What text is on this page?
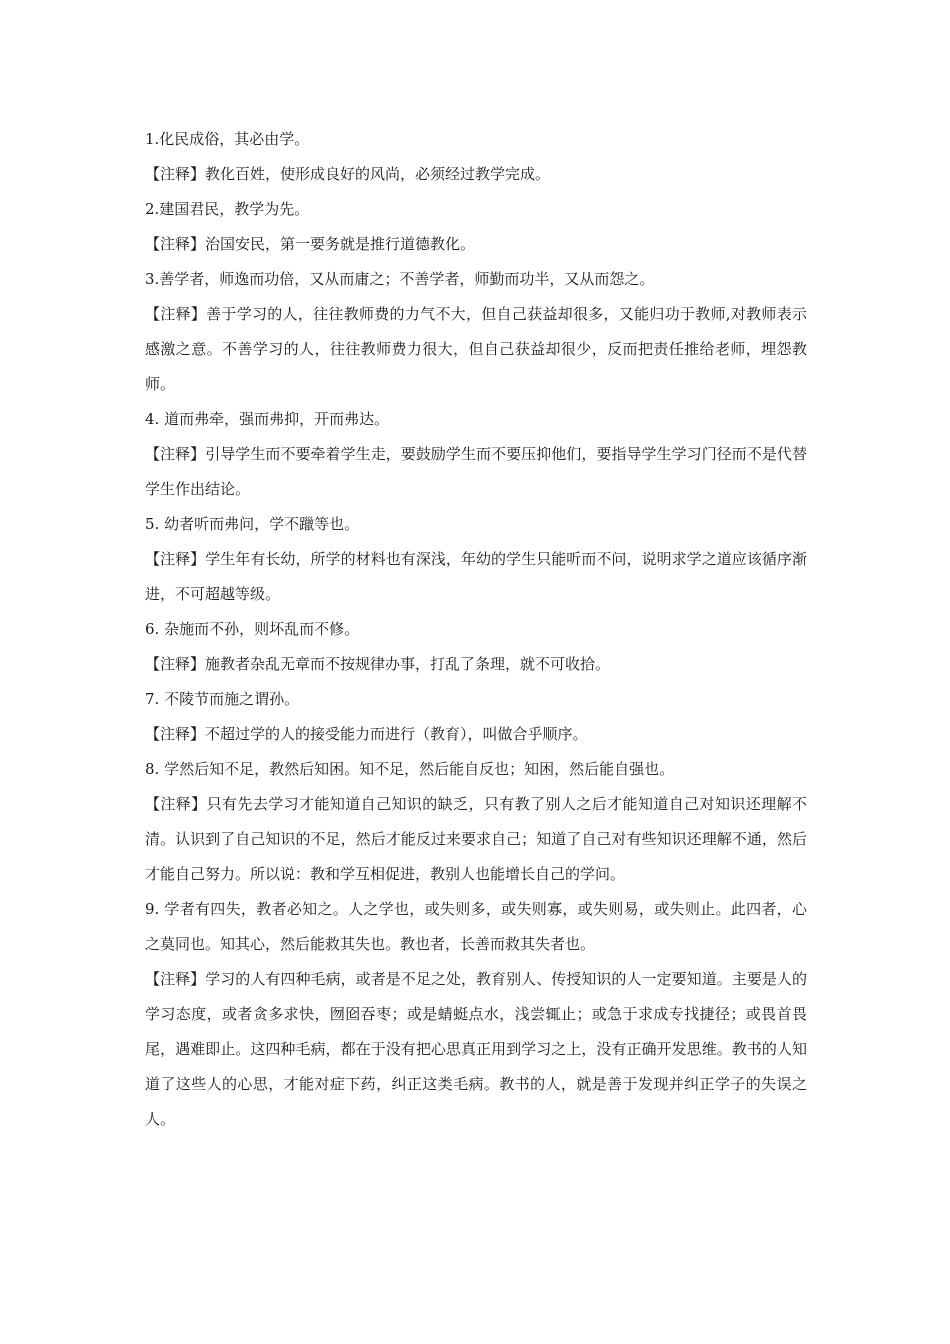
1.化民成俗，其必由学。

【注释】教化百姓，使形成良好的风尚，必须经过教学完成。

2.建国君民，教学为先。

【注释】治国安民，第一要务就是推行道德教化。

3.善学者，师逸而功倍，又从而庸之；不善学者，师勤而功半，又从而怨之。

【注释】善于学习的人，往往教师费的力气不大，但自己获益却很多，又能归功于教师,对教师表示感激之意。不善学习的人，往往教师费力很大，但自己获益却很少，反而把责任推给老师，埋怨教师。

4. 道而弗牵，强而弗抑，开而弗达。

【注释】引导学生而不要牵着学生走，要鼓励学生而不要压抑他们，要指导学生学习门径而不是代替学生作出结论。

5. 幼者听而弗问，学不躐等也。

【注释】学生年有长幼，所学的材料也有深浅，年幼的学生只能听而不问，说明求学之道应该循序渐进，不可超越等级。

6. 杂施而不孙，则坏乱而不修。

【注释】施教者杂乱无章而不按规律办事，打乱了条理，就不可收拾。

7. 不陵节而施之谓孙。

【注释】不超过学的人的接受能力而进行（教育），叫做合乎顺序。

8. 学然后知不足，教然后知困。知不足，然后能自反也；知困，然后能自强也。

【注释】只有先去学习才能知道自己知识的缺乏，只有教了别人之后才能知道自己对知识还理解不清。认识到了自己知识的不足，然后才能反过来要求自己；知道了自己对有些知识还理解不通，然后才能自己努力。所以说：教和学互相促进，教别人也能增长自己的学问。

9. 学者有四失，教者必知之。人之学也，或失则多，或失则寡，或失则易，或失则止。此四者，心之莫同也。知其心，然后能救其失也。教也者，长善而救其失者也。

【注释】学习的人有四种毛病，或者是不足之处，教育别人、传授知识的人一定要知道。主要是人的学习态度，或者贪多求快，囫囵吞枣；或是蜻蜓点水，浅尝辄止；或急于求成专找捷径；或畏首畏尾，遇难即止。这四种毛病，都在于没有把心思真正用到学习之上，没有正确开发思维。教书的人知道了这些人的心思，才能对症下药，纠正这类毛病。教书的人，就是善于发现并纠正学子的失误之人。
